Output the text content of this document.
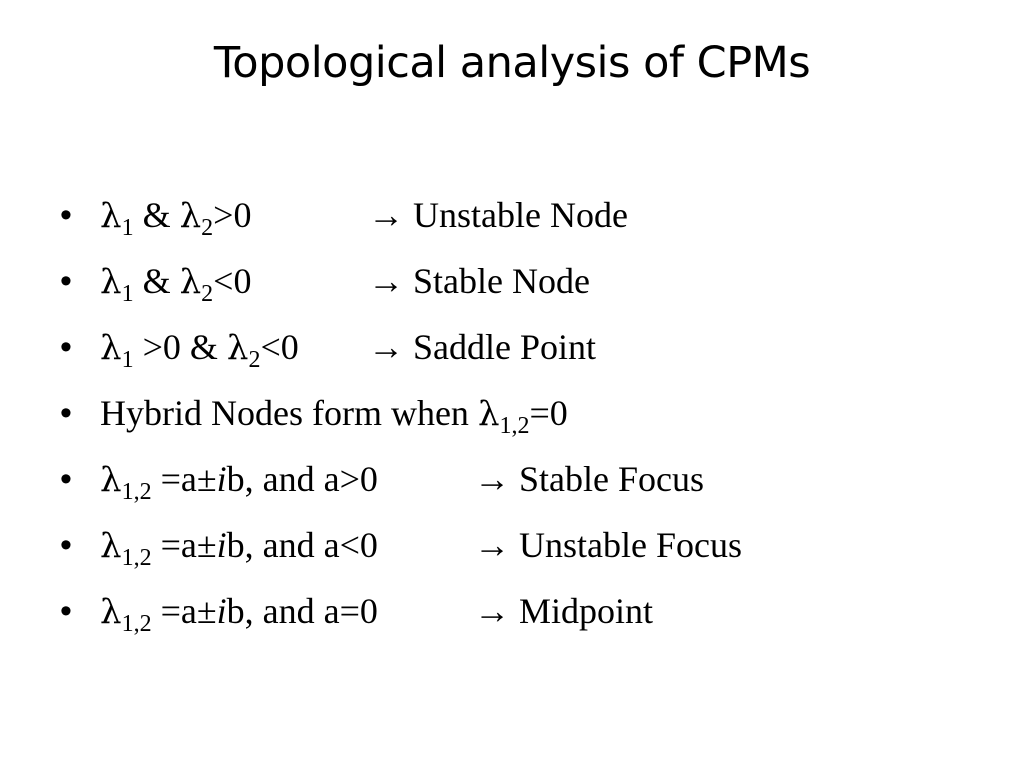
Topological analysis of CPMs
• $\lambda_1$ & $\lambda_2>0$	→ Unstable Node
• $\lambda_1$ & $\lambda_2<0$	→ Stable Node
• $\lambda_1 >0$ & $\lambda_2<0$ → Saddle Point
• Hybrid Nodes form when $\lambda_{1,2}=0$
• $\lambda_{1,2} =a\pm ib$, and a>0	→ Stable Focus
• $\lambda_{1,2} =a\pm ib$, and a<0	→ Unstable Focus
• $\lambda_{1,2} =a\pm ib$, and a=0	→ Midpoint
